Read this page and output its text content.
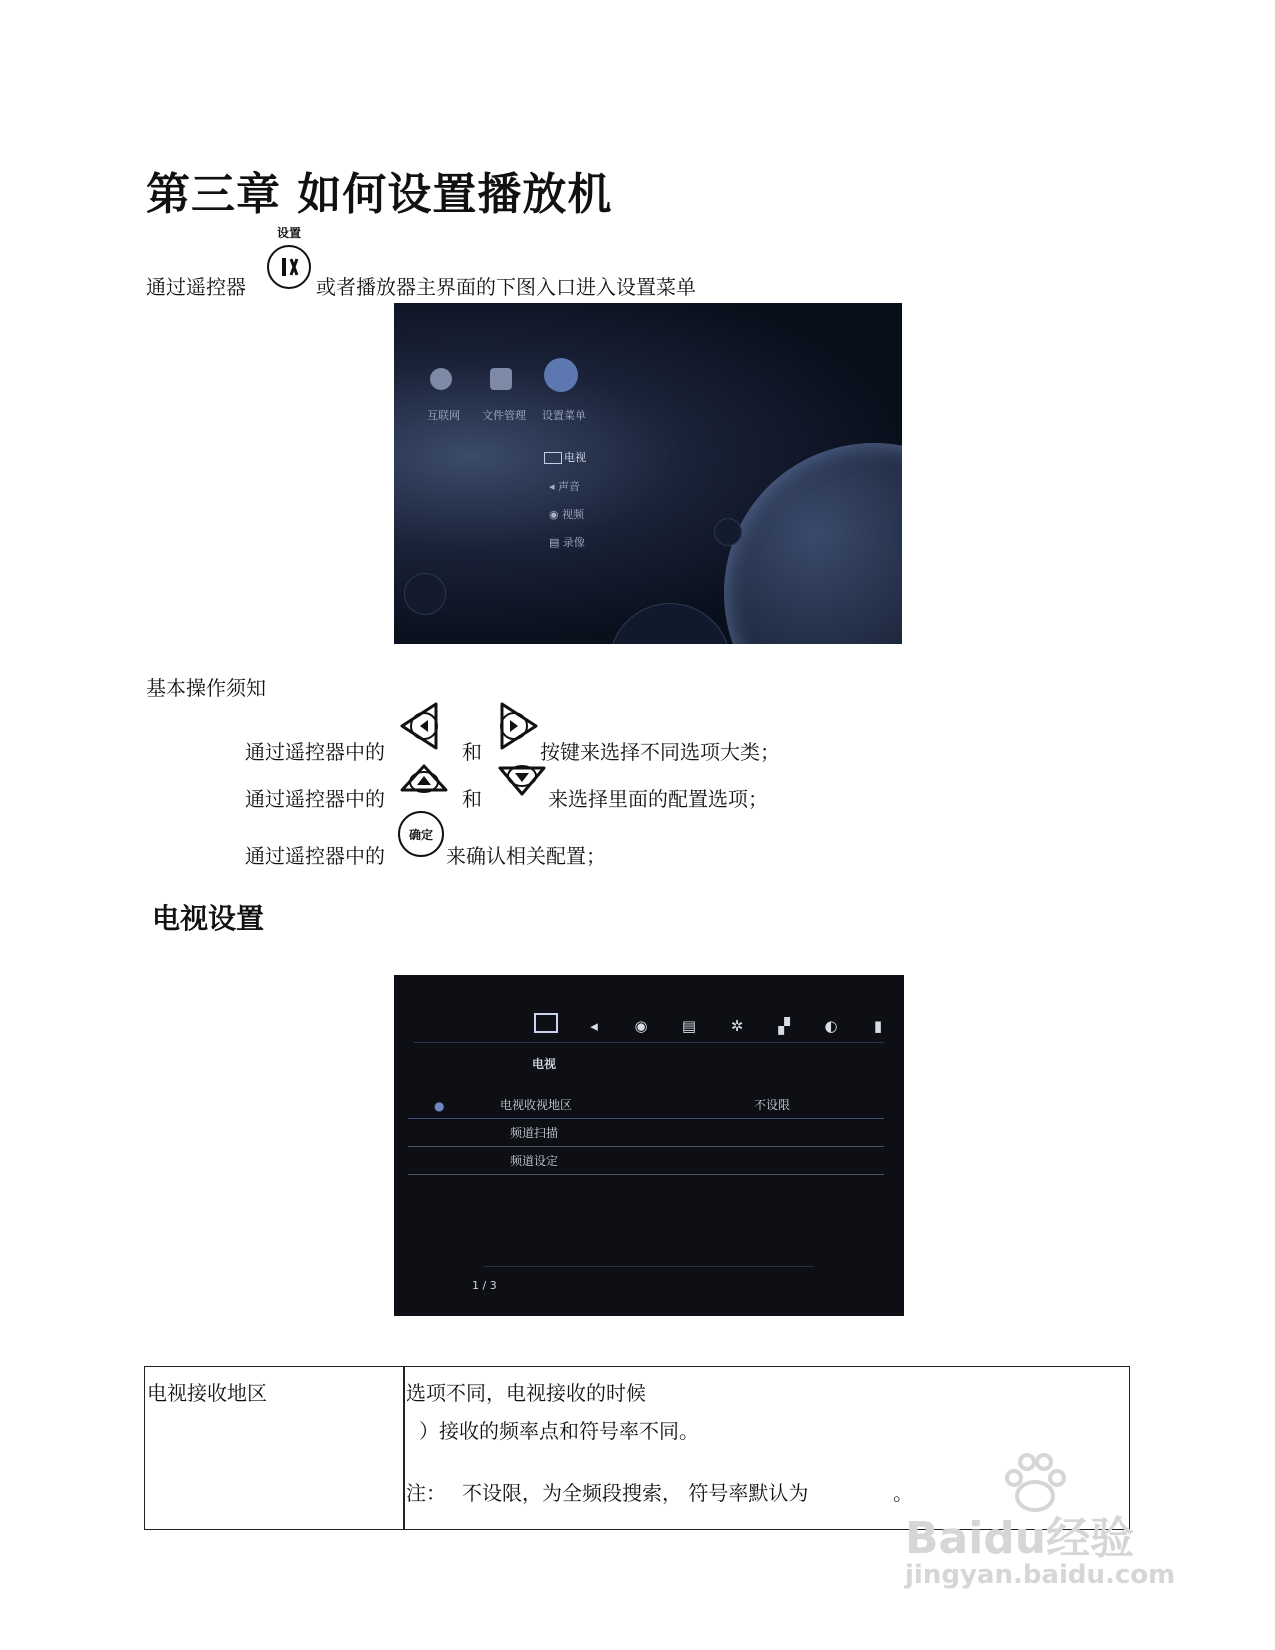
第三章 如何设置播放机
通过遥控器
设置
或者播放器主界面的下图入口进入设置菜单
互联网 文件管理 设置菜单
电视
◂ 声音
◉ 视频
▤ 录像
基本操作须知
通过遥控器中的	和	按键来选择不同选项大类；
通过遥控器中的	和	来选择里面的配置选项；
通过遥控器中的
确定
来确认相关配置；
电视设置
◂	◉ ▤ ✲ ▞ ◐	▮
电视
●	电视收视地区	不设限
频道扫描
频道设定
1 / 3
电视接收地区	选项不同，电视接收的时候
）接收的频率点和符号率不同。
注： 不设限，为全频段搜索， 符号率默认为	。
Baidu经验
jingyan.baidu.com
